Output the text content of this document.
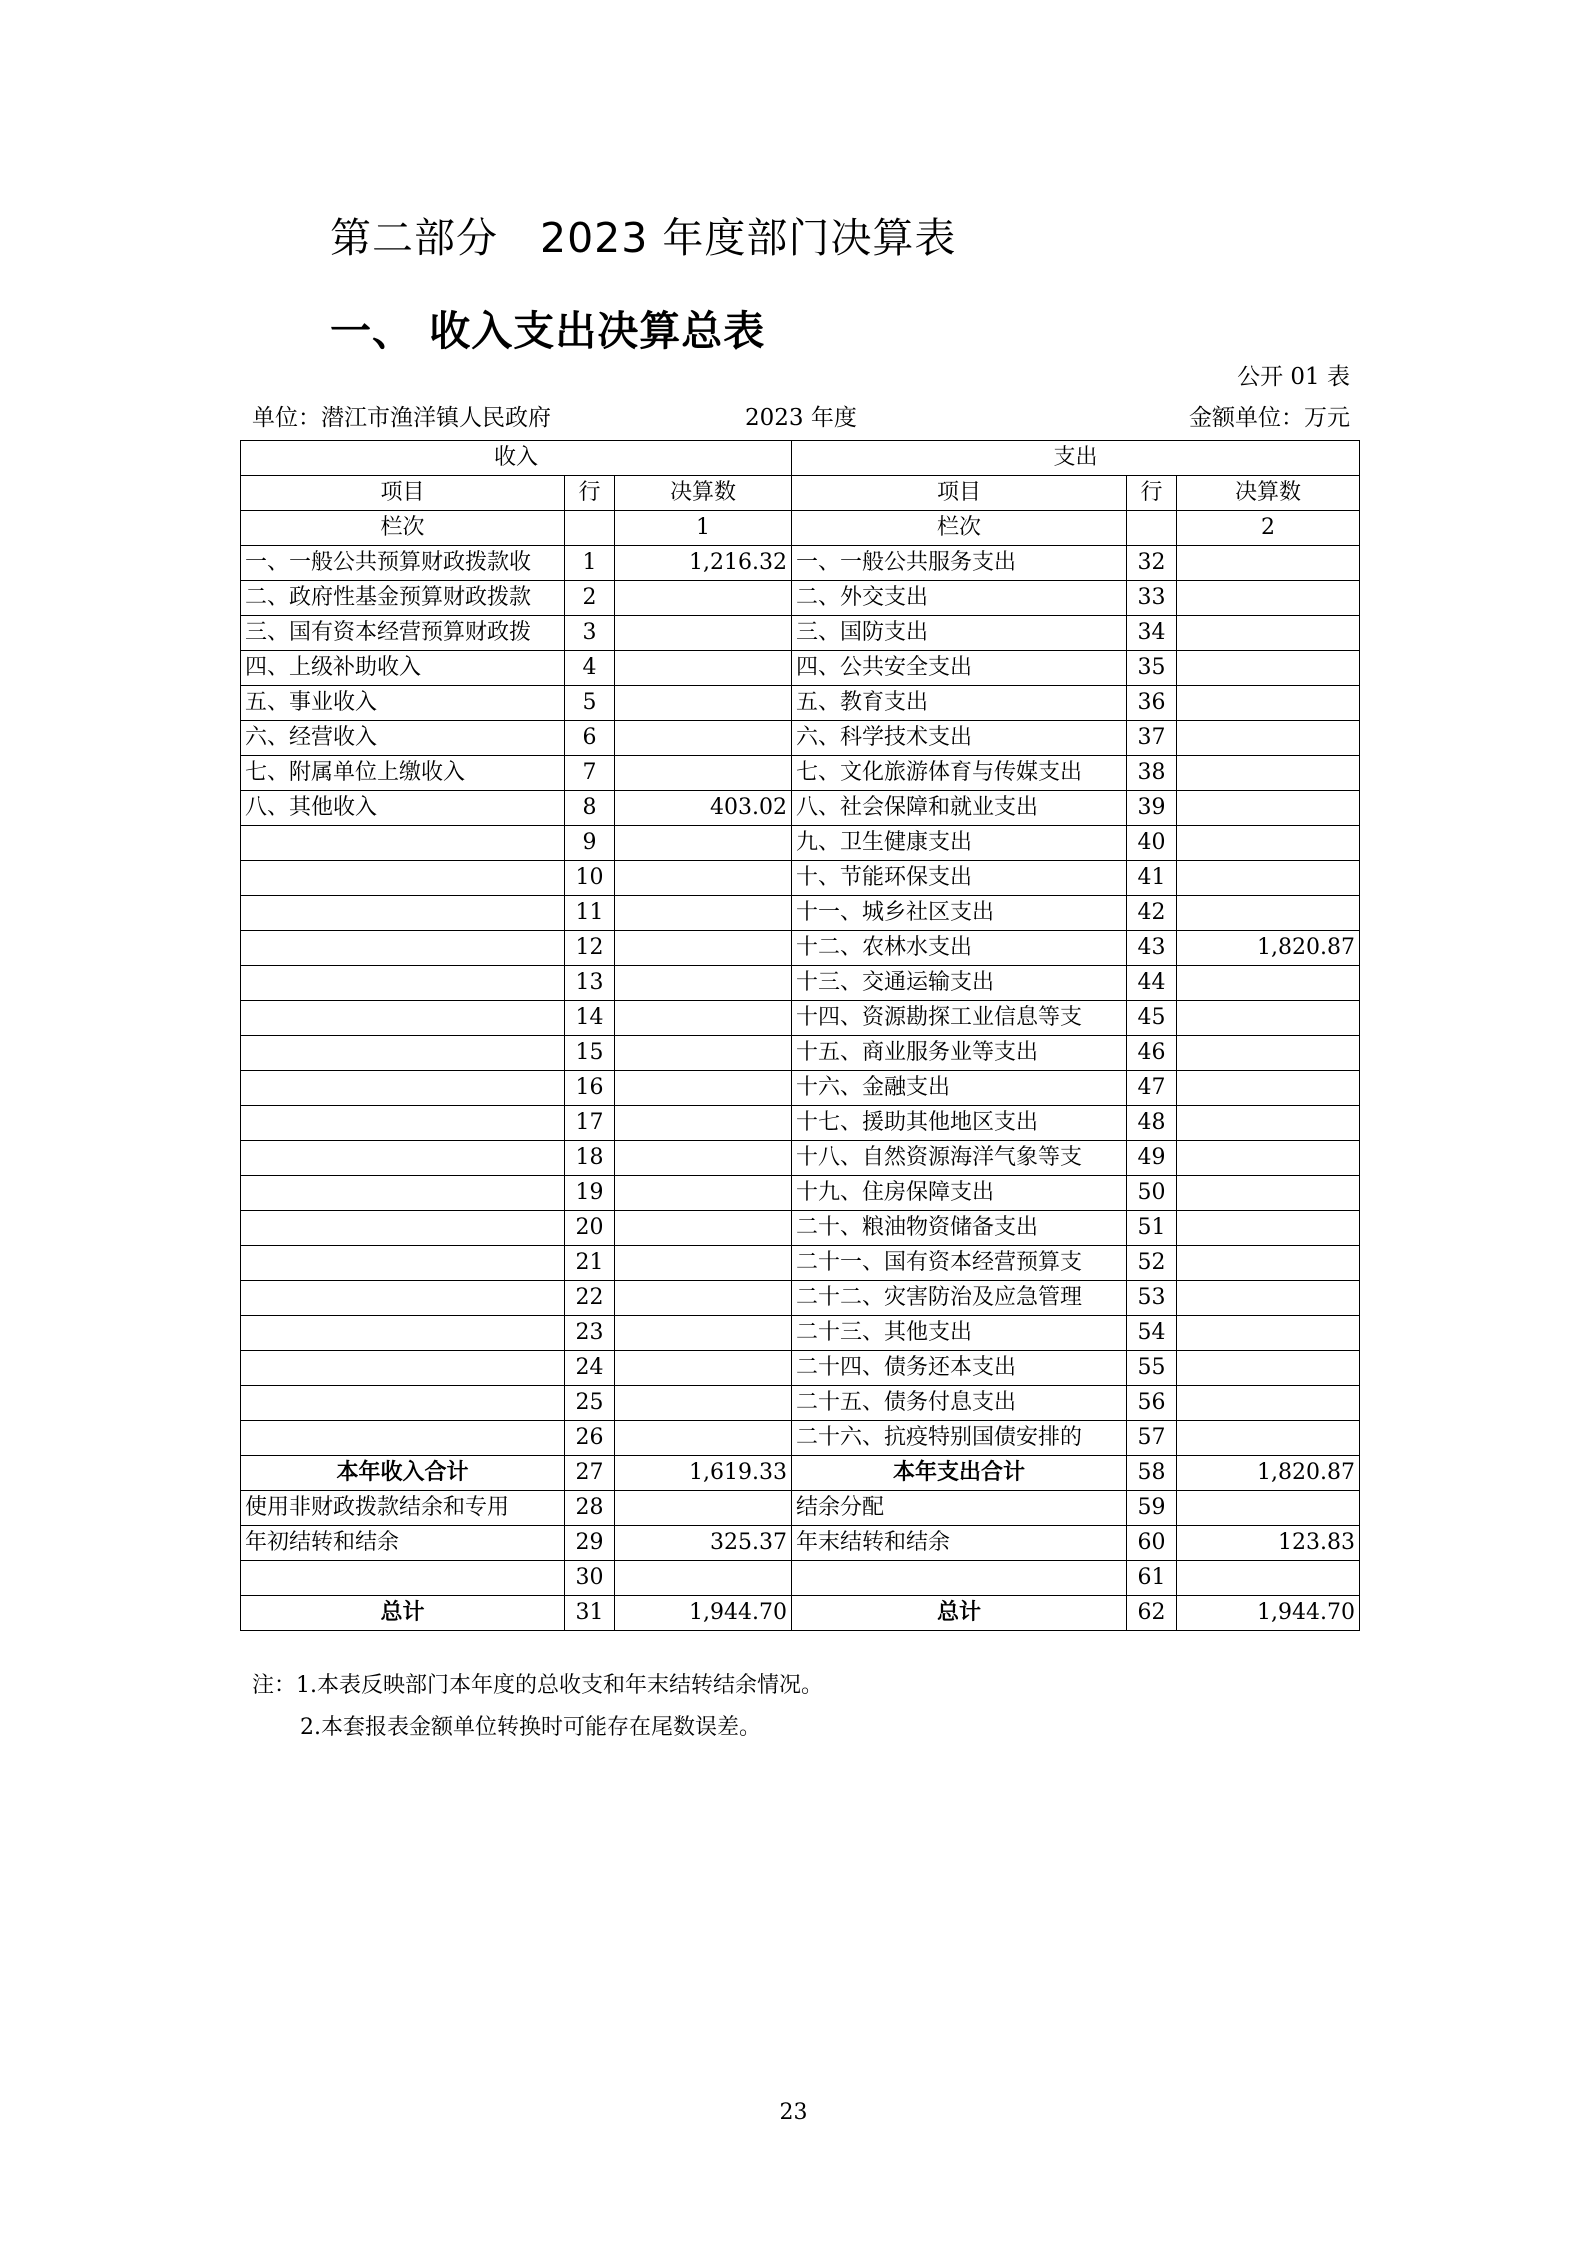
第二部分　2023 年度部门决算表
一、 收入支出决算总表
公开 01 表
单位：潜江市渔洋镇人民政府	2023 年度	金额单位：万元
收入			支出		
项目	行	决算数	项目	行	决算数
栏次		1	栏次		2
一、一般公共预算财政拨款收	1	1,216.32	一、一般公共服务支出	32	
二、政府性基金预算财政拨款	2		二、外交支出	33	
三、国有资本经营预算财政拨	3		三、国防支出	34	
四、上级补助收入	4		四、公共安全支出	35	
五、事业收入	5		五、教育支出	36	
六、经营收入	6		六、科学技术支出	37	
七、附属单位上缴收入	7		七、文化旅游体育与传媒支出	38	
八、其他收入	8	403.02	八、社会保障和就业支出	39	
	9		九、卫生健康支出	40	
	10		十、节能环保支出	41	
	11		十一、城乡社区支出	42	
	12		十二、农林水支出	43	1,820.87
	13		十三、交通运输支出	44	
	14		十四、资源勘探工业信息等支	45	
	15		十五、商业服务业等支出	46	
	16		十六、金融支出	47	
	17		十七、援助其他地区支出	48	
	18		十八、自然资源海洋气象等支	49	
	19		十九、住房保障支出	50	
	20		二十、粮油物资储备支出	51	
	21		二十一、国有资本经营预算支	52	
	22		二十二、灾害防治及应急管理	53	
	23		二十三、其他支出	54	
	24		二十四、债务还本支出	55	
	25		二十五、债务付息支出	56	
	26		二十六、抗疫特别国债安排的	57	
本年收入合计	27	1,619.33	本年支出合计	58	1,820.87
使用非财政拨款结余和专用	28		结余分配	59	
年初结转和结余	29	325.37	年末结转和结余	60	123.83
	30			61	
总计	31	1,944.70	总计	62	1,944.70
注：1.本表反映部门本年度的总收支和年末结转结余情况。
2.本套报表金额单位转换时可能存在尾数误差。
23
